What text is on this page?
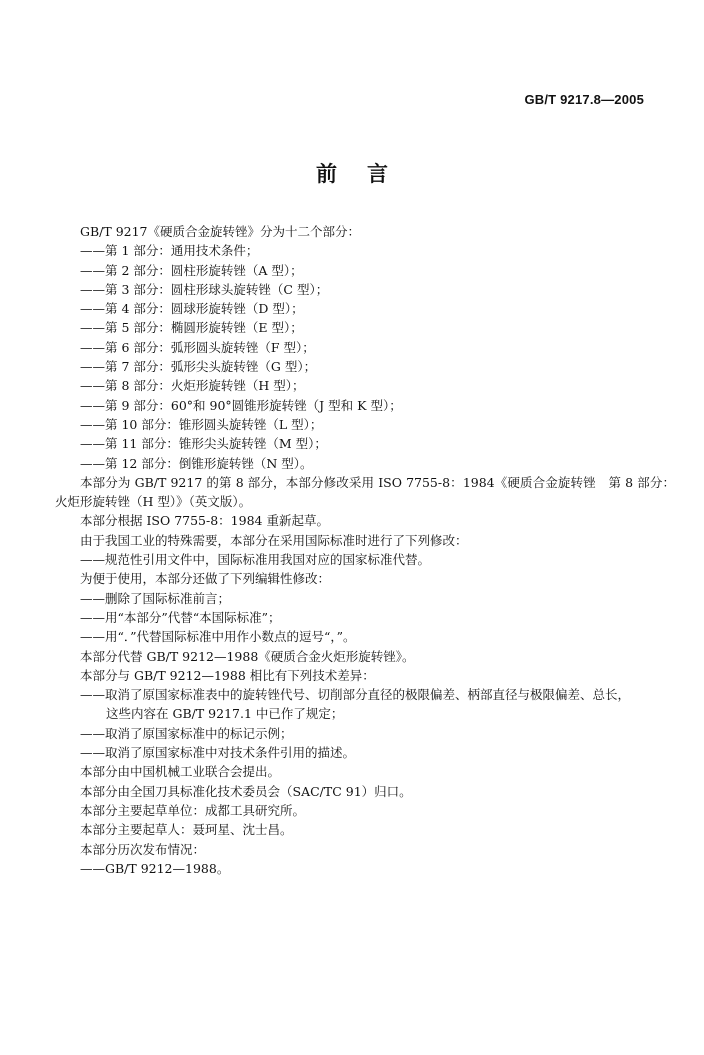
GB/T 9217.8—2005
前言

GB/T 9217《硬质合金旋转锉》分为十二个部分：

——第 1 部分：通用技术条件；

——第 2 部分：圆柱形旋转锉（A 型）；

——第 3 部分：圆柱形球头旋转锉（C 型）；

——第 4 部分：圆球形旋转锉（D 型）；

——第 5 部分：椭圆形旋转锉（E 型）；

——第 6 部分：弧形圆头旋转锉（F 型）；

——第 7 部分：弧形尖头旋转锉（G 型）；

——第 8 部分：火炬形旋转锉（H 型）；

——第 9 部分：60°和 90°圆锥形旋转锉（J 型和 K 型）；

——第 10 部分：锥形圆头旋转锉（L 型）；

——第 11 部分：锥形尖头旋转锉（M 型）；

——第 12 部分：倒锥形旋转锉（N 型）。

本部分为 GB/T 9217 的第 8 部分，本部分修改采用 ISO 7755-8：1984《硬质合金旋转锉　第 8 部分：火炬形旋转锉（H 型）》（英文版）。

本部分根据 ISO 7755-8：1984 重新起草。

由于我国工业的特殊需要，本部分在采用国际标准时进行了下列修改：

——规范性引用文件中，国际标准用我国对应的国家标准代替。

为便于使用，本部分还做了下列编辑性修改：

——删除了国际标准前言；

——用“本部分”代替“本国际标准”；

——用“．”代替国际标准中用作小数点的逗号“，”。

本部分代替 GB/T 9212—1988《硬质合金火炬形旋转锉》。

本部分与 GB/T 9212—1988 相比有下列技术差异：

——取消了原国家标准表中的旋转锉代号、切削部分直径的极限偏差、柄部直径与极限偏差、总长，

这些内容在 GB/T 9217.1 中已作了规定；

——取消了原国家标准中的标记示例；

——取消了原国家标准中对技术条件引用的描述。

本部分由中国机械工业联合会提出。

本部分由全国刀具标准化技术委员会（SAC/TC 91）归口。

本部分主要起草单位：成都工具研究所。

本部分主要起草人：聂珂星、沈士昌。

本部分历次发布情况：

——GB/T 9212—1988。
